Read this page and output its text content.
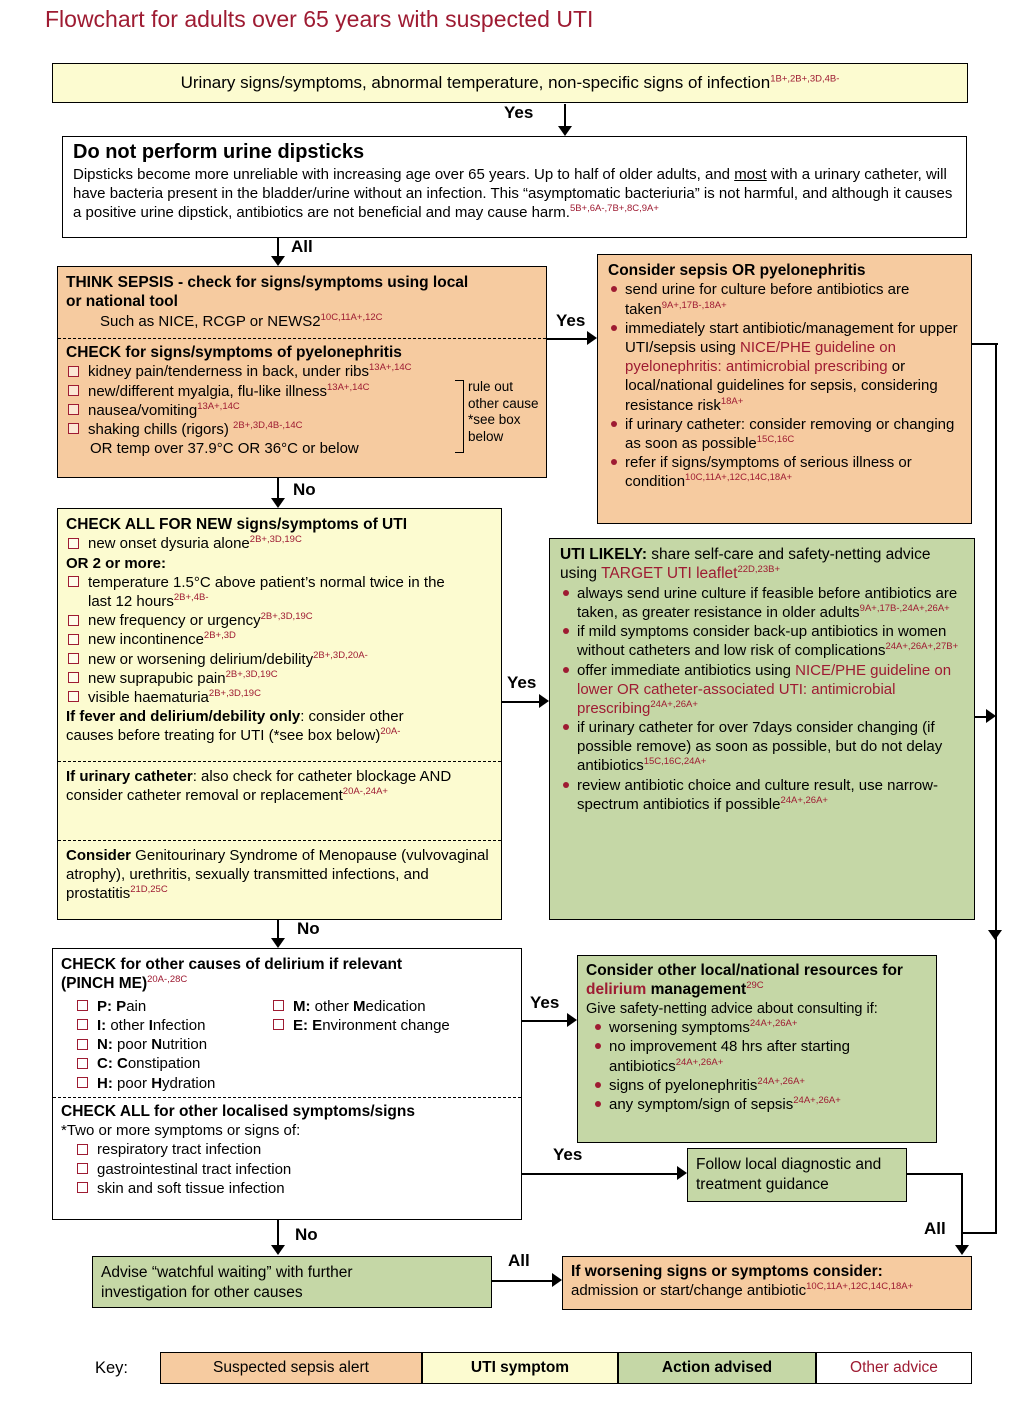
Flowchart for adults over 65 years with suspected UTI
Urinary signs/symptoms, abnormal temperature, non-specific signs of infection$^{1B+,2B+,3D,4B-}$
Yes
Do not perform urine dipsticks
Dipsticks become more unreliable with increasing age over 65 years. Up to half of older adults, and most with a urinary catheter, will have bacteria present in the bladder/urine without an infection. This “asymptomatic bacteriuria” is not harmful, and although it causes a positive urine dipstick, antibiotics are not beneficial and may cause harm.$^{5B+,6A-,7B+,8C,9A+}$
All
THINK SEPSIS - check for signs/symptoms using local or national tool
Such as NICE, RCGP or $NEWS2^{10C,11A+,12C}$
CHECK for signs/symptoms of pyelonephritis
kidney pain/tenderness in back, under ribs$^{13A+,14C}$
new/different myalgia, flu-like illness$^{13A+,14C}$
nausea/vomiting$^{13A+,14C}$
shaking chills (rigors) $^{2B+,3D,4B-,14C}$
OR temp over 37.9°C OR 36°C or below
rule out
other cause
*see box
below
Yes
Consider sepsis OR pyelonephritis
send urine for culture before antibiotics are taken$^{9A+,17B-,18A+}$
immediately start antibiotic/management for upper UTI/sepsis using NICE/PHE guideline on pyelonephritis: antimicrobial prescribing or local/national guidelines for sepsis, considering resistance risk$^{18A+}$
if urinary catheter: consider removing or changing as soon as possible$^{15C,16C}$
refer if signs/symptoms of serious illness or condition$^{10C,11A+,12C,14C,18A+}$
No
CHECK ALL FOR NEW signs/symptoms of UTI
new onset dysuria alone$^{2B+,3D,19C}$
OR 2 or more:
temperature 1.5°C above patient’s normal twice in the last 12 hours$^{2B+,4B-}$
new frequency or urgency$^{2B+,3D,19C}$
new incontinence$^{2B+,3D}$
new or worsening delirium/debility$^{2B+,3D,20A-}$
new suprapubic pain$^{2B+,3D,19C}$
visible haematuria$^{2B+,3D,19C}$
If fever and delirium/debility only: consider other causes before treating for UTI (*see box below)$^{20A-}$
If urinary catheter: also check for catheter blockage AND consider catheter removal or replacement$^{20A-,24A+}$
Consider Genitourinary Syndrome of Menopause (vulvovaginal atrophy), urethritis, sexually transmitted infections, and prostatitis$^{21D,25C}$
Yes
UTI LIKELY: share self-care and safety-netting advice using TARGET UTI leaflet$^{22D,23B+}$
always send urine culture if feasible before antibiotics are taken, as greater resistance in older adults$^{9A+,17B-,24A+,26A+}$
if mild symptoms consider back-up antibiotics in women without catheters and low risk of complications$^{24A+,26A+,27B+}$
offer immediate antibiotics using NICE/PHE guideline on lower OR catheter-associated UTI: antimicrobial prescribing$^{24A+,26A+}$
if urinary catheter for over 7days consider changing (if possible remove) as soon as possible, but do not delay antibiotics$^{15C,16C,24A+}$
review antibiotic choice and culture result, use narrow-spectrum antibiotics if possible$^{24A+,26A+}$
No
CHECK for other causes of delirium if relevant (PINCH ME)$^{20A-,28C}$
P: Pain
I: other Infection
N: poor Nutrition
C: Constipation
H: poor Hydration
M: other Medication
E: Environment change
CHECK ALL for other localised symptoms/signs
*Two or more symptoms or signs of:
respiratory tract infection
gastrointestinal tract infection
skin and soft tissue infection
Yes
Consider other local/national resources for delirium management$^{29C}$
Give safety-netting advice about consulting if:
worsening symptoms$^{24A+,26A+}$
no improvement 48 hrs after starting antibiotics$^{24A+,26A+}$
signs of pyelonephritis$^{24A+,26A+}$
any symptom/sign of sepsis$^{24A+,26A+}$
Yes
Follow local diagnostic and treatment guidance
No
Advise “watchful waiting” with further investigation for other causes
All
If worsening signs or symptoms consider:
admission or start/change antibiotic$^{10C,11A+,12C,14C,18A+}$
All
Key:	Suspected sepsis alert	UTI symptom	Action advised	Other advice
